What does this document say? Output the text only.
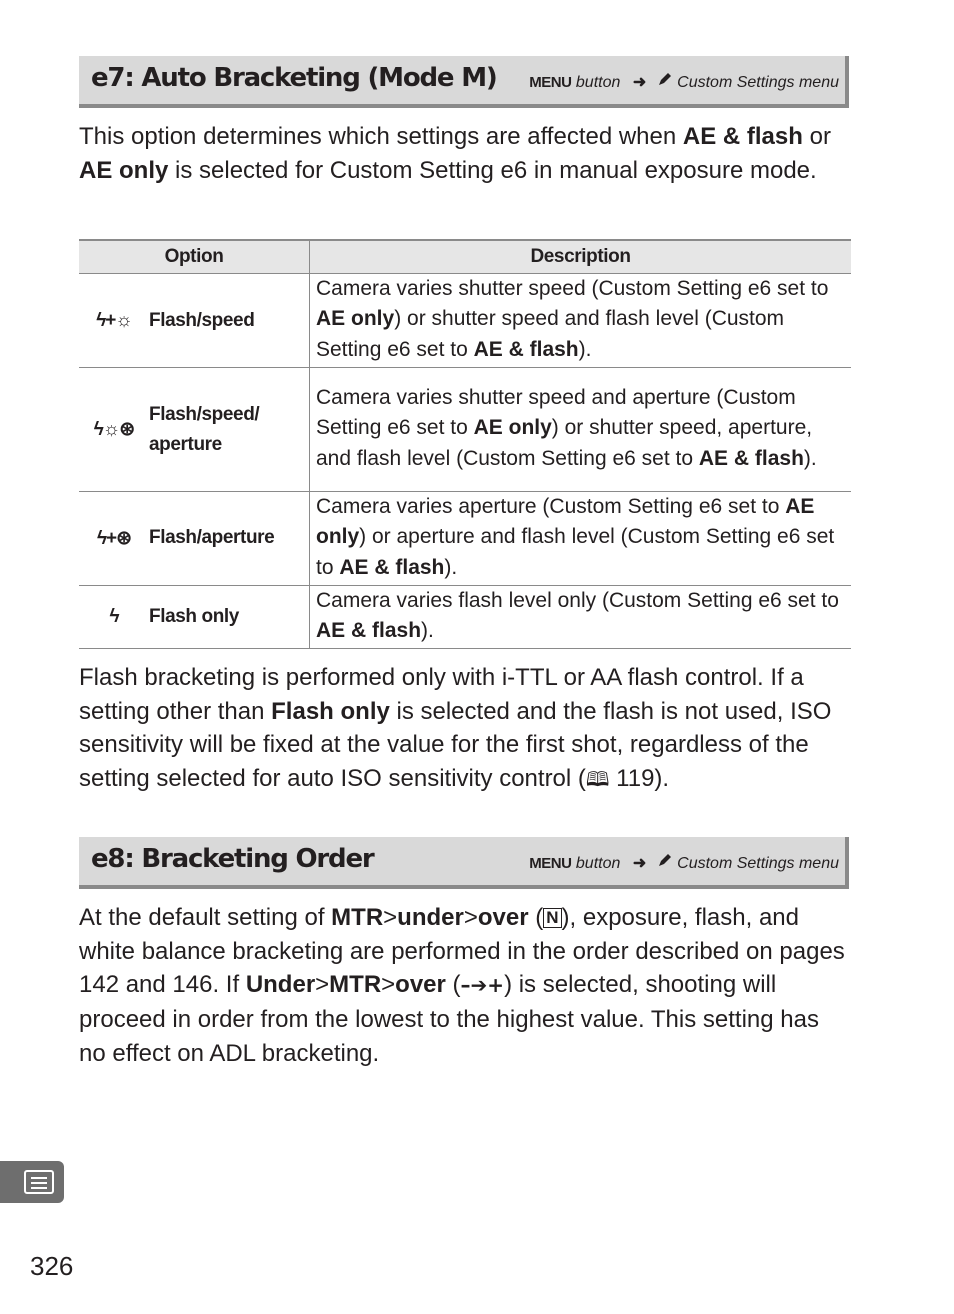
e7: Auto Bracketing (Mode M) MENU button ➜ Custom Settings menu
This option determines which settings are affected when AE & flash or AE only is selected for Custom Setting e6 in manual exposure mode.
Option	Description

ϟ+☼ Flash/speed	Camera varies shutter speed (Custom Setting e6 set to AE only) or shutter speed and flash level (Custom Setting e6 set to AE & flash).

ϟ☼⊛
Flash/speed/ aperture	Camera varies shutter speed and aperture (Custom Setting e6 set to AE only) or shutter speed, aperture, and flash level (Custom Setting e6 set to AE & flash).

ϟ+⊛ Flash/aperture	Camera varies aperture (Custom Setting e6 set to AE only) or aperture and flash level (Custom Setting e6 set to AE & flash).

ϟ Flash only	Camera varies flash level only (Custom Setting e6 set to AE & flash).
Flash bracketing is performed only with i-TTL or AA flash control. If a setting other than Flash only is selected and the flash is not used, ISO sensitivity will be fixed at the value for the first shot, regardless of the setting selected for auto ISO sensitivity control (🕮 119).
e8: Bracketing Order	MENU button ➜ Custom Settings menu
At the default setting of MTR>under>over ( N ), exposure, flash, and white balance bracketing are performed in the order described on pages 142 and 146. If Under>MTR>over (–➔+) is selected, shooting will proceed in order from the lowest to the highest value. This setting has no effect on ADL bracketing.
326
